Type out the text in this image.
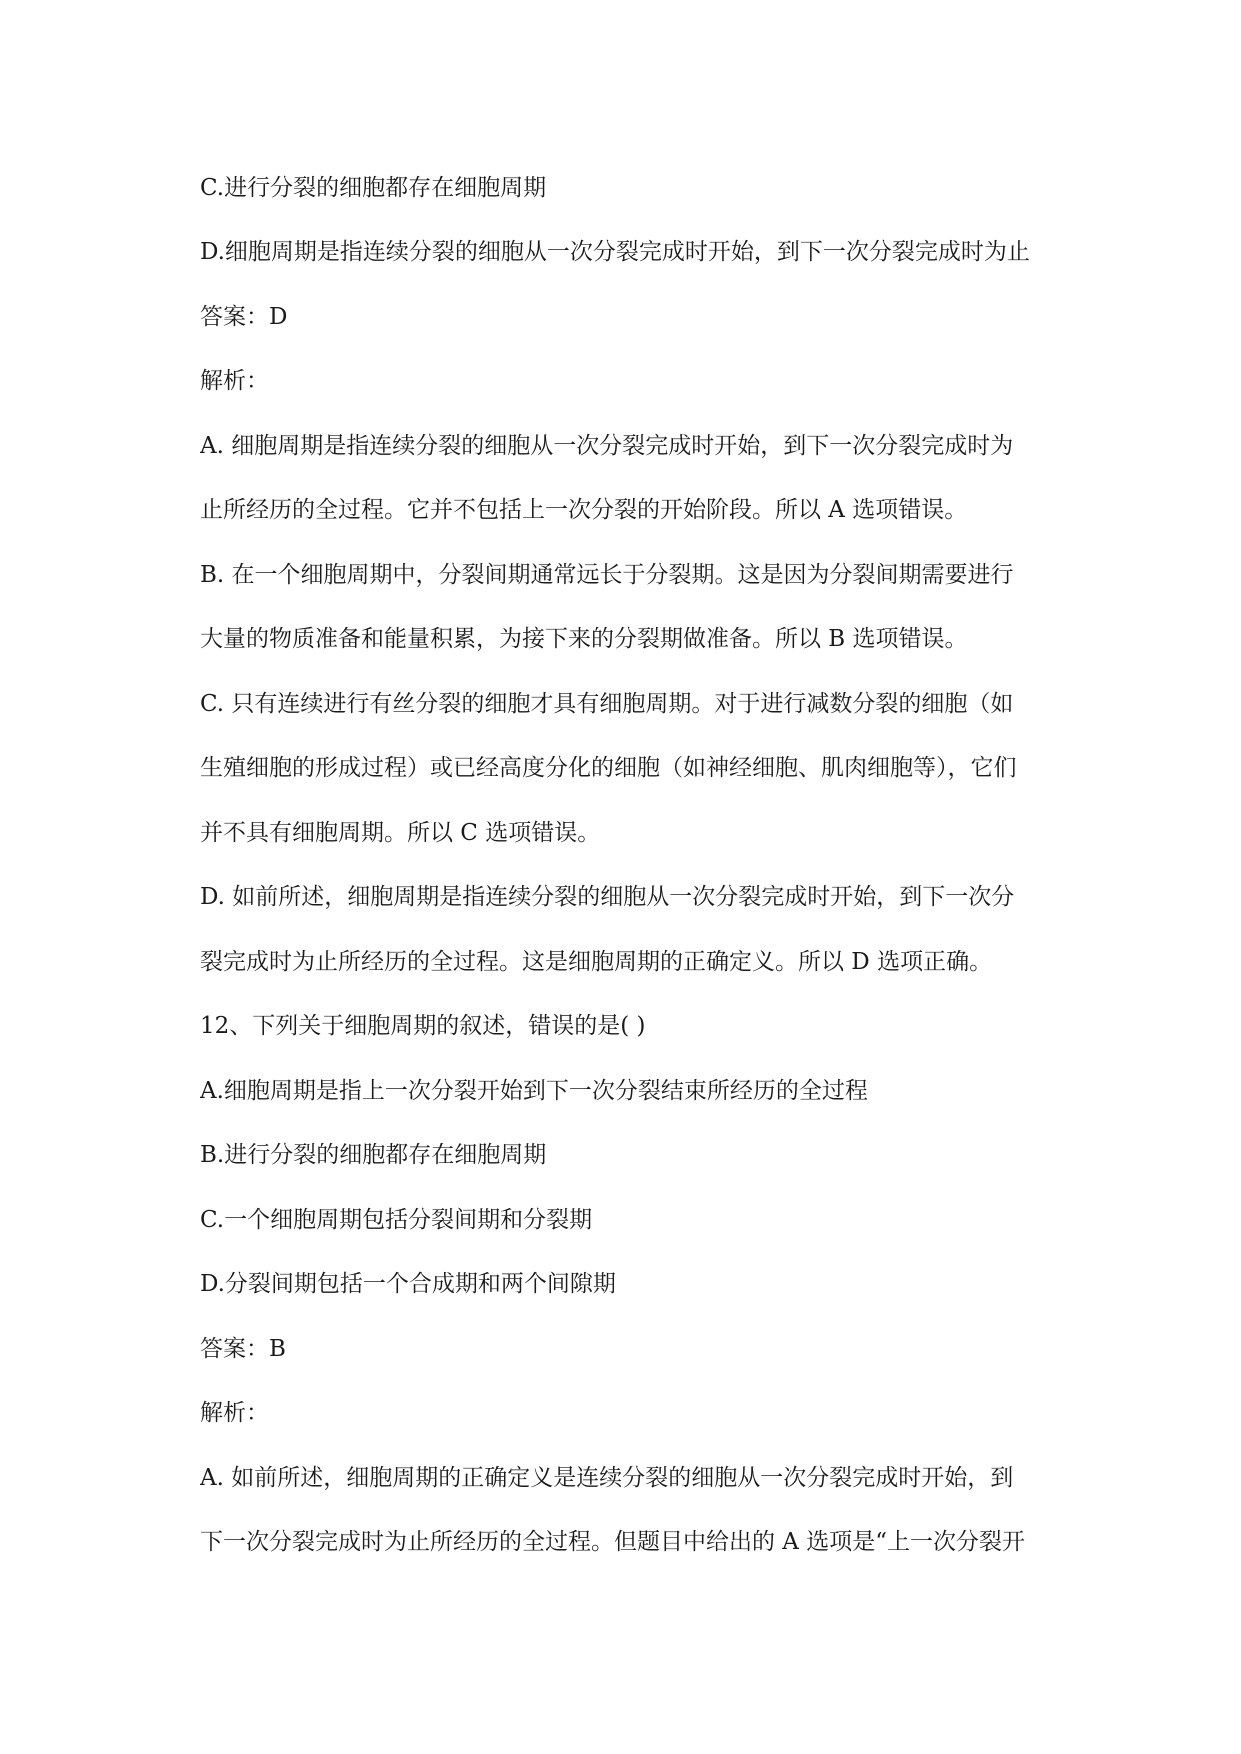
C.进行分裂的细胞都存在细胞周期

D.细胞周期是指连续分裂的细胞从一次分裂完成时开始，到下一次分裂完成时为止

答案：D

解析：

A. 细胞周期是指连续分裂的细胞从一次分裂完成时开始，到下一次分裂完成时为

止所经历的全过程。它并不包括上一次分裂的开始阶段。所以 A 选项错误。

B. 在一个细胞周期中，分裂间期通常远长于分裂期。这是因为分裂间期需要进行

大量的物质准备和能量积累，为接下来的分裂期做准备。所以 B 选项错误。

C. 只有连续进行有丝分裂的细胞才具有细胞周期。对于进行减数分裂的细胞（如

生殖细胞的形成过程）或已经高度分化的细胞（如神经细胞、肌肉细胞等），它们

并不具有细胞周期。所以 C 选项错误。

D. 如前所述，细胞周期是指连续分裂的细胞从一次分裂完成时开始，到下一次分

裂完成时为止所经历的全过程。这是细胞周期的正确定义。所以 D 选项正确。

12、下列关于细胞周期的叙述，错误的是( )

A.细胞周期是指上一次分裂开始到下一次分裂结束所经历的全过程

B.进行分裂的细胞都存在细胞周期

C.一个细胞周期包括分裂间期和分裂期

D.分裂间期包括一个合成期和两个间隙期

答案：B

解析：

A. 如前所述，细胞周期的正确定义是连续分裂的细胞从一次分裂完成时开始，到

下一次分裂完成时为止所经历的全过程。但题目中给出的 A 选项是“上一次分裂开
